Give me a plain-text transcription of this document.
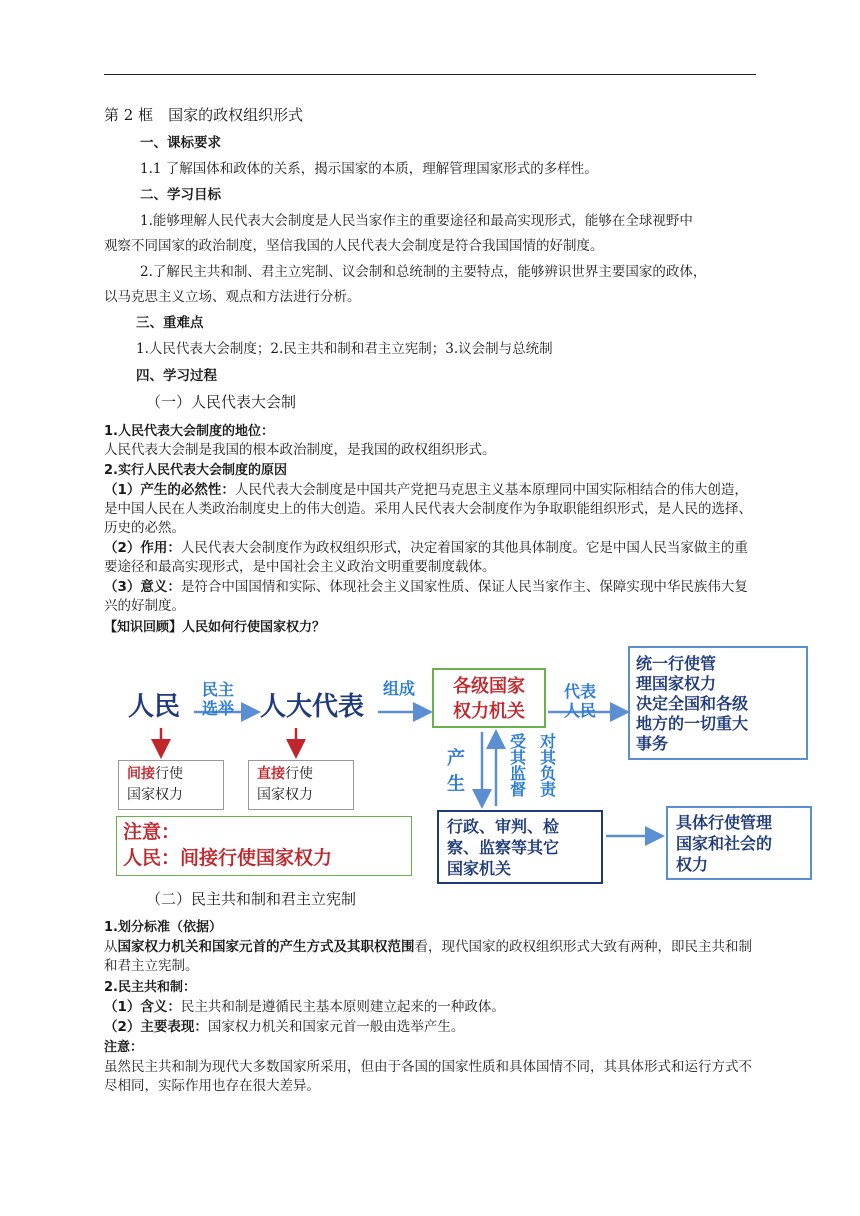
第 2 框　国家的政权组织形式
一、课标要求
1.1 了解国体和政体的关系，揭示国家的本质，理解管理国家形式的多样性。
二、学习目标
1.能够理解人民代表大会制度是人民当家作主的重要途径和最高实现形式，能够在全球视野中
观察不同国家的政治制度，坚信我国的人民代表大会制度是符合我国国情的好制度。
2.了解民主共和制、君主立宪制、议会制和总统制的主要特点，能够辨识世界主要国家的政体，
以马克思主义立场、观点和方法进行分析。
三、重难点
1.人民代表大会制度；2.民主共和制和君主立宪制；3.议会制与总统制
四、学习过程
（一）人民代表大会制
1.人民代表大会制度的地位：
人民代表大会制是我国的根本政治制度，是我国的政权组织形式。
2.实行人民代表大会制度的原因
（1）产生的必然性：人民代表大会制度是中国共产党把马克思主义基本原理同中国实际相结合的伟大创造，是中国人民在人类政治制度史上的伟大创造。采用人民代表大会制度作为争取职能组织形式，是人民的选择、历史的必然。
（2）作用：人民代表大会制度作为政权组织形式，决定着国家的其他具体制度。它是中国人民当家做主的重要途径和最高实现形式，是中国社会主义政治文明重要制度载体。
（3）意义：是符合中国国情和实际、体现社会主义国家性质、保证人民当家作主、保障实现中华民族伟大复兴的好制度。
【知识回顾】人民如何行使国家权力？
人民
民主
选举 人大代表
组成	各级国家
权力机关
代表
人民
统一行使管
理国家权力
决定全国和各级
地方的一切重大
事务
间接行使
国家权力
直接行使
国家权力
产
生
受其监督
对其负责
行政、审判、检
察、监察等其它
国家机关
具体行使管理
国家和社会的
权力
注意：
人民：间接行使国家权力
（二）民主共和制和君主立宪制
1.划分标准（依据）
从国家权力机关和国家元首的产生方式及其职权范围看，现代国家的政权组织形式大致有两种，即民主共和制和君主立宪制。
2.民主共和制：
（1）含义：民主共和制是遵循民主基本原则建立起来的一种政体。
（2）主要表现：国家权力机关和国家元首一般由选举产生。
注意：
虽然民主共和制为现代大多数国家所采用，但由于各国的国家性质和具体国情不同，其具体形式和运行方式不尽相同，实际作用也存在很大差异。
